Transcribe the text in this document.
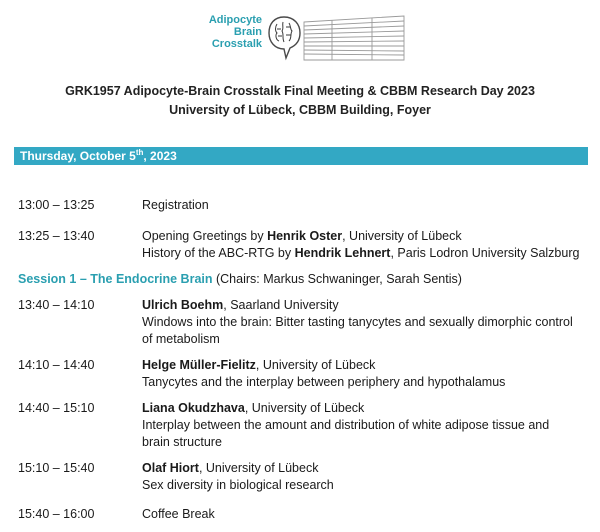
Adipocyte
Brain
Crosstalk
GRK1957 Adipocyte-Brain Crosstalk Final Meeting & CBBM Research Day 2023
University of Lübeck, CBBM Building, Foyer
Thursday, October 5th, 2023
13:00 – 13:25	Registration
13:25 – 13:40	Opening Greetings by Henrik Oster, University of Lübeck
History of the ABC-RTG by Hendrik Lehnert, Paris Lodron University Salzburg
Session 1 – The Endocrine Brain (Chairs: Markus Schwaninger, Sarah Sentis)
13:40 – 14:10	Ulrich Boehm, Saarland University
Windows into the brain: Bitter tasting tanycytes and sexually dimorphic control
of metabolism
14:10 – 14:40	Helge Müller-Fielitz, University of Lübeck
Tanycytes and the interplay between periphery and hypothalamus
14:40 – 15:10	Liana Okudzhava, University of Lübeck
Interplay between the amount and distribution of white adipose tissue and
brain structure
15:10 – 15:40	Olaf Hiort, University of Lübeck
Sex diversity in biological research
15:40 – 16:00	Coffee Break
